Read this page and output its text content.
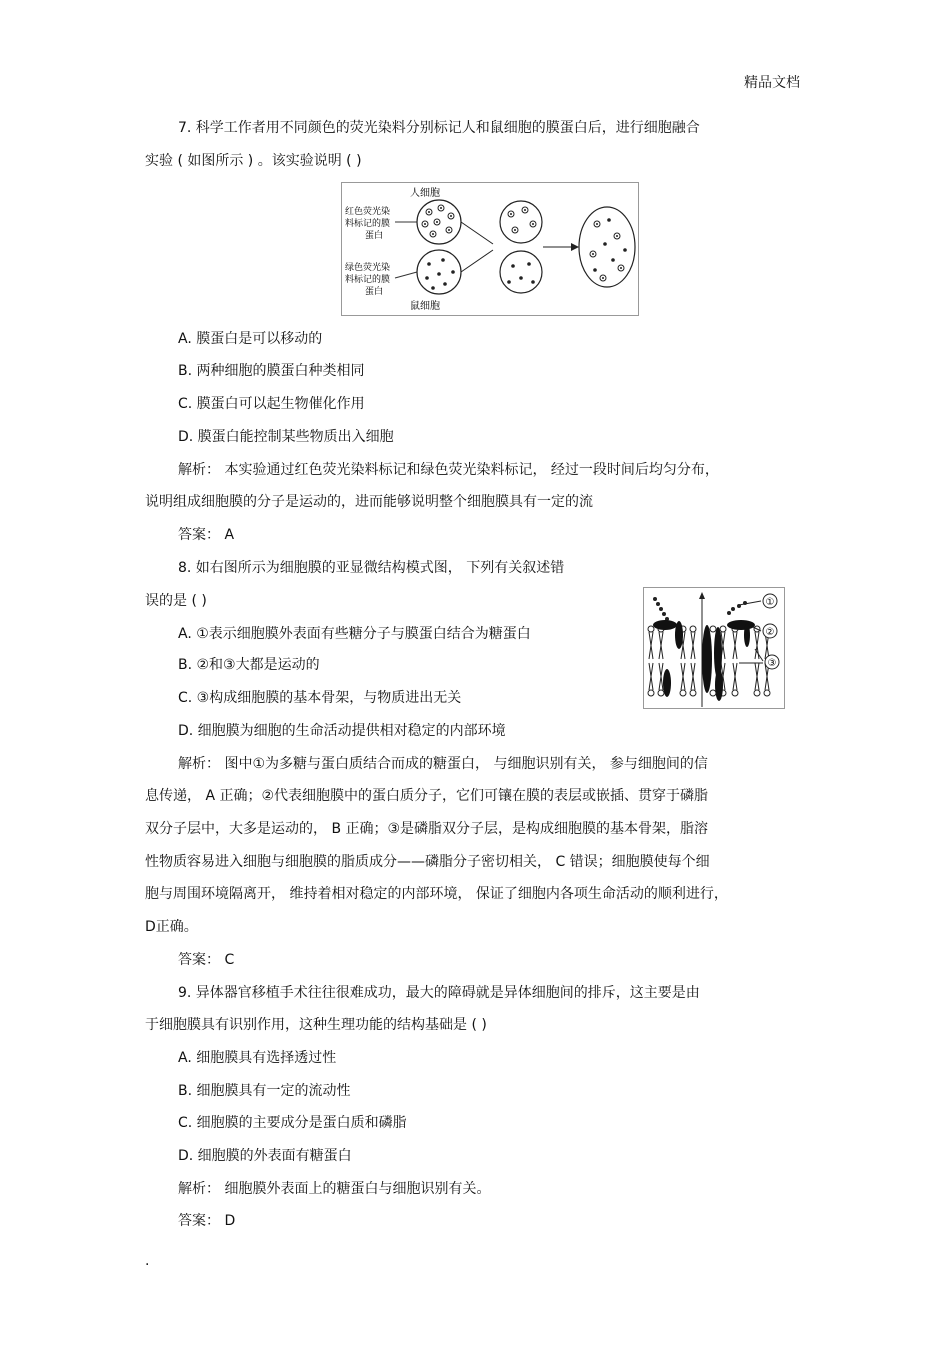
精品文档
7. 科学工作者用不同颜色的荧光染料分别标记人和鼠细胞的膜蛋白后，进行细胞融合
实验 ( 如图所示 ) 。该实验说明 ( )
人细胞
鼠细胞
红色荧光染
料标记的膜
蛋白
绿色荧光染
料标记的膜
蛋白
A. 膜蛋白是可以移动的
B. 两种细胞的膜蛋白种类相同
C. 膜蛋白可以起生物催化作用
D. 膜蛋白能控制某些物质出入细胞
解析： 本实验通过红色荧光染料标记和绿色荧光染料标记， 经过一段时间后均匀分布，
说明组成细胞膜的分子是运动的，进而能够说明整个细胞膜具有一定的流
答案： A
8. 如右图所示为细胞膜的亚显微结构模式图， 下列有关叙述错
误的是 ( )	①
②
③
A. ①表示细胞膜外表面有些糖分子与膜蛋白结合为糖蛋白
B. ②和③大都是运动的
C. ③构成细胞膜的基本骨架，与物质进出无关
D. 细胞膜为细胞的生命活动提供相对稳定的内部环境
解析： 图中①为多糖与蛋白质结合而成的糖蛋白， 与细胞识别有关， 参与细胞间的信
息传递， A 正确；②代表细胞膜中的蛋白质分子，它们可镶在膜的表层或嵌插、贯穿于磷脂
双分子层中，大多是运动的， B 正确；③是磷脂双分子层，是构成细胞膜的基本骨架，脂溶
性物质容易进入细胞与细胞膜的脂质成分——磷脂分子密切相关， C 错误；细胞膜使每个细
胞与周围环境隔离开， 维持着相对稳定的内部环境， 保证了细胞内各项生命活动的顺利进行，
D正确。
答案： C
9. 异体器官移植手术往往很难成功，最大的障碍就是异体细胞间的排斥，这主要是由
于细胞膜具有识别作用，这种生理功能的结构基础是 ( )
A. 细胞膜具有选择透过性
B. 细胞膜具有一定的流动性
C. 细胞膜的主要成分是蛋白质和磷脂
D. 细胞膜的外表面有糖蛋白
解析： 细胞膜外表面上的糖蛋白与细胞识别有关。
答案： D
.
